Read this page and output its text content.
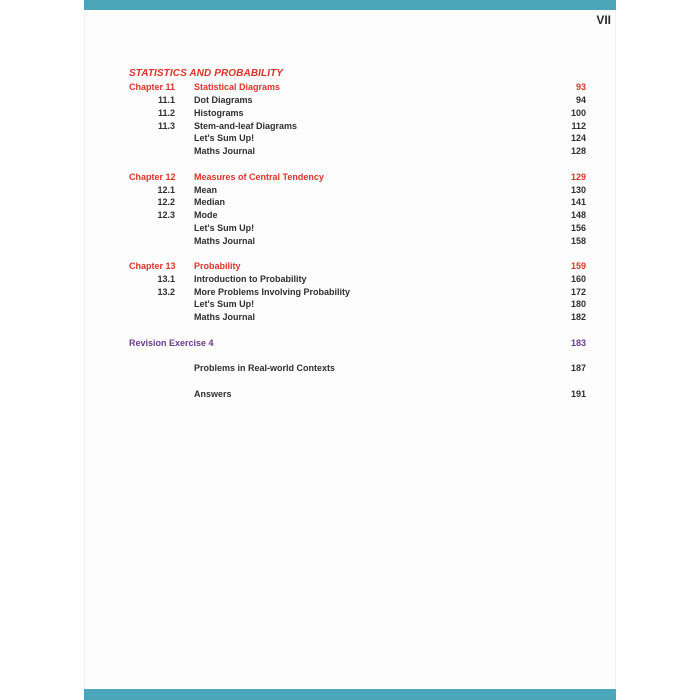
VII
STATISTICS AND PROBABILITY
Chapter 11 Statistical Diagrams	93
11.1 Dot Diagrams	94
11.2 Histograms	100
11.3 Stem-and-leaf Diagrams	112
Let's Sum Up!	124
Maths Journal	128
Chapter 12 Measures of Central Tendency	129
12.1 Mean	130
12.2 Median	141
12.3 Mode	148
Let's Sum Up!	156
Maths Journal	158
Chapter 13 Probability	159
13.1 Introduction to Probability	160
13.2 More Problems Involving Probability	172
Let's Sum Up!	180
Maths Journal	182
Revision Exercise 4	183
Problems in Real-world Contexts	187
Answers	191
